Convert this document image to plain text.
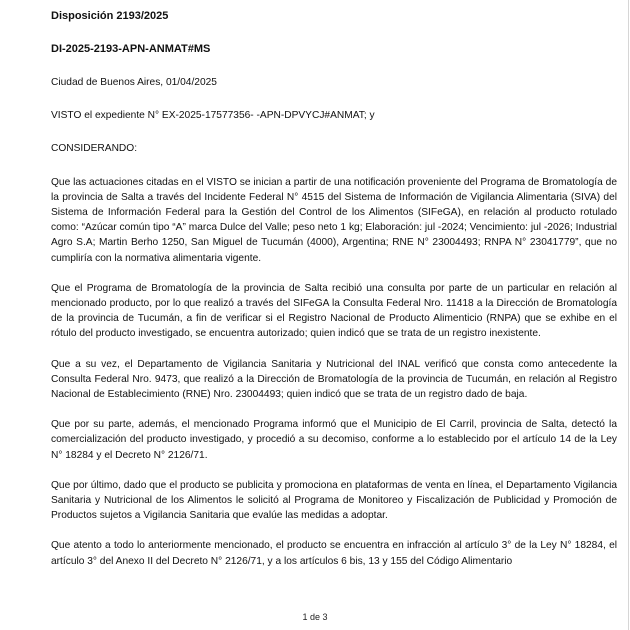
Disposición 2193/2025
DI-2025-2193-APN-ANMAT#MS
Ciudad de Buenos Aires, 01/04/2025
VISTO el expediente N° EX-2025-17577356- -APN-DPVYCJ#ANMAT; y
CONSIDERANDO:

Que las actuaciones citadas en el VISTO se inician a partir de una notificación proveniente del Programa de Bromatología de la provincia de Salta a través del Incidente Federal N° 4515 del Sistema de Información de Vigilancia Alimentaria (SIVA) del Sistema de Información Federal para la Gestión del Control de los Alimentos (SIFeGA), en relación al producto rotulado como: “Azúcar común tipo “A” marca Dulce del Valle; peso neto 1 kg; Elaboración: jul -2024; Vencimiento: jul -2026; Industrial Agro S.A; Martin Berho 1250, San Miguel de Tucumán (4000), Argentina; RNE N° 23004493; RNPA N° 23041779”, que no cumpliría con la normativa alimentaria vigente.

Que el Programa de Bromatología de la provincia de Salta recibió una consulta por parte de un particular en relación al mencionado producto, por lo que realizó a través del SIFeGA la Consulta Federal Nro. 11418 a la Dirección de Bromatología de la provincia de Tucumán, a fin de verificar si el Registro Nacional de Producto Alimenticio (RNPA) que se exhibe en el rótulo del producto investigado, se encuentra autorizado; quien indicó que se trata de un registro inexistente.

Que a su vez, el Departamento de Vigilancia Sanitaria y Nutricional del INAL verificó que consta como antecedente la Consulta Federal Nro. 9473, que realizó a la Dirección de Bromatología de la provincia de Tucumán, en relación al Registro Nacional de Establecimiento (RNE) Nro. 23004493; quien indicó que se trata de un registro dado de baja.

Que por su parte, además, el mencionado Programa informó que el Municipio de El Carril, provincia de Salta, detectó la comercialización del producto investigado, y procedió a su decomiso, conforme a lo establecido por el artículo 14 de la Ley N° 18284 y el Decreto N° 2126/71.

Que por último, dado que el producto se publicita y promociona en plataformas de venta en línea, el Departamento Vigilancia Sanitaria y Nutricional de los Alimentos le solicitó al Programa de Monitoreo y Fiscalización de Publicidad y Promoción de Productos sujetos a Vigilancia Sanitaria que evalúe las medidas a adoptar.

Que atento a todo lo anteriormente mencionado, el producto se encuentra en infracción al artículo 3° de la Ley N° 18284, el artículo 3° del Anexo II del Decreto N° 2126/71, y a los artículos 6 bis, 13 y 155 del Código Alimentario

1 de 3
